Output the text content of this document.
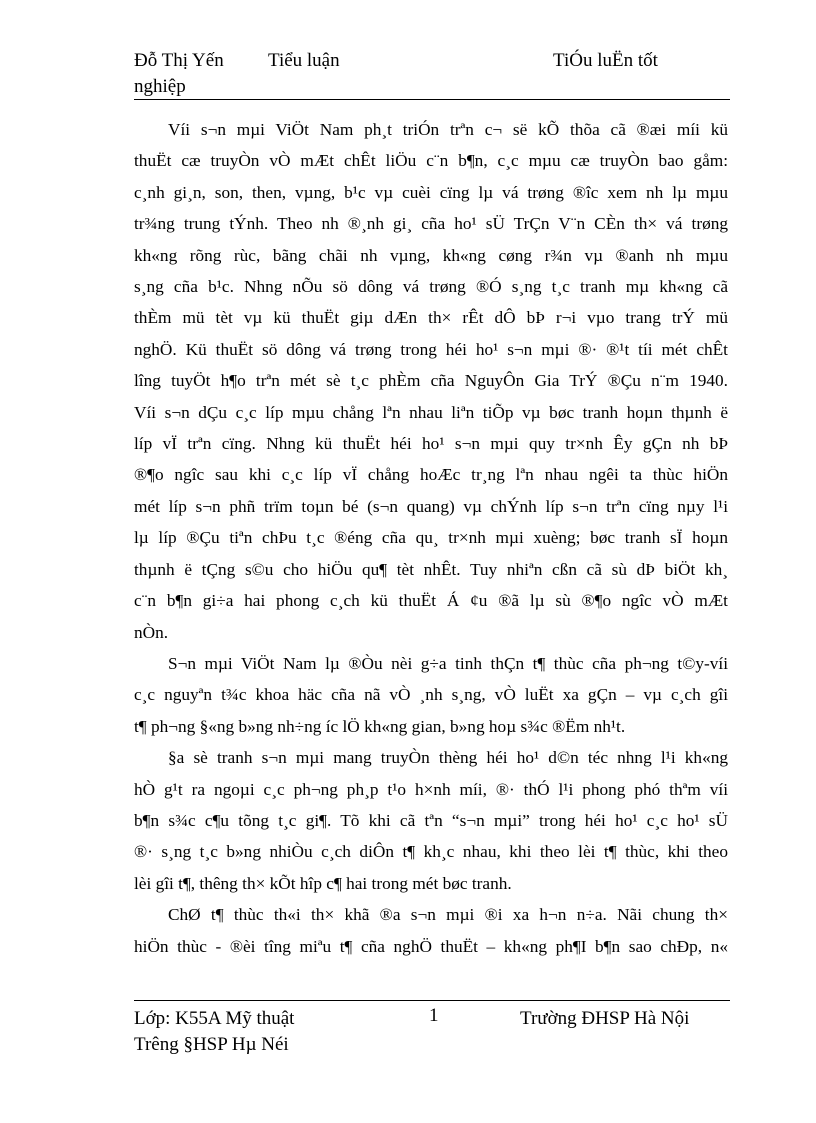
Đỗ Thị Yến Tiểu luận	TiÓu luËn tốt
nghiệp

Víi s¬n mµi ViÖt Nam ph¸t triÓn trªn c¬ së kÕ thõa cã ®æi míi kü
thuËt cæ truyÒn vÒ mÆt chÊt liÖu c¨n b¶n, c¸c mµu cæ truyÒn bao gåm:
c¸nh gi¸n, son, then, vµng, b¹c vµ cuèi cïng lµ vá trøng ®îc xem nh lµ mµu
tr¾ng trung tÝnh. Theo nh ®¸nh gi¸ cña ho¹ sÜ TrÇn V¨n CÈn th× vá trøng
kh«ng rõng rùc, bãng chãi nh vµng, kh«ng cøng r¾n vµ ®anh nh mµu
s¸ng cña b¹c. Nhng nÕu sö dông vá trøng ®Ó s¸ng t¸c tranh mµ kh«ng cã
thÈm mü tèt vµ kü thuËt giµ dÆn th× rÊt dÔ bÞ r¬i vµo trang trÝ mü
nghÖ. Kü thuËt sö dông vá trøng trong héi ho¹ s¬n mµi ®· ®¹t tíi mét chÊt
lîng tuyÖt h¶o trªn mét sè t¸c phÈm cña NguyÔn Gia TrÝ ®Çu n¨m 1940.
Víi s¬n dÇu c¸c líp mµu chång lªn nhau liªn tiÕp vµ bøc tranh hoµn thµnh ë
líp vÏ trªn cïng. Nhng kü thuËt héi ho¹ s¬n mµi quy tr×nh Êy gÇn nh bÞ
®¶o ngîc sau khi c¸c líp vÏ chång hoÆc tr¸ng lªn nhau ngêi ta thùc hiÖn
mét líp s¬n phñ trïm toµn bé (s¬n quang) vµ chÝnh líp s¬n trªn cïng nµy l¹i
lµ líp ®Çu tiªn chÞu t¸c ®éng cña qu¸ tr×nh mµi xuèng; bøc tranh sÏ hoµn
thµnh ë tÇng s©u cho hiÖu qu¶ tèt nhÊt. Tuy nhiªn cßn cã sù dÞ biÖt kh¸
c¨n b¶n gi÷a hai phong c¸ch kü thuËt Á ¢u ®ã lµ sù ®¶o ngîc vÒ mÆt
nÒn.

S¬n mµi ViÖt Nam lµ ®Òu nèi g÷a tinh thÇn t¶ thùc cña ph¬ng t©y-víi
c¸c nguyªn t¾c khoa häc cña nã vÒ ¸nh s¸ng, vÒ luËt xa gÇn – vµ c¸ch gîi
t¶ ph¬ng §«ng b»ng nh÷ng íc lÖ kh«ng gian, b»ng hoµ s¾c ®Ëm nh¹t.

§a sè tranh s¬n mµi mang truyÒn thèng héi ho¹ d©n téc nhng l¹i kh«ng
hÒ g¹t ra ngoµi c¸c ph¬ng ph¸p t¹o h×nh míi, ®· thÓ l¹i phong phó thªm víi
b¶n s¾c c¶u tõng t¸c gi¶. Tõ khi cã tªn “s¬n mµi” trong héi ho¹ c¸c ho¹ sÜ
®· s¸ng t¸c b»ng nhiÒu c¸ch diÔn t¶ kh¸c nhau, khi theo lèi t¶ thùc, khi theo
lèi gîi t¶, thêng th× kÕt hîp c¶ hai trong mét bøc tranh.

ChØ t¶ thùc th«i th× khã ®a s¬n mµi ®i xa h¬n n÷a. Nãi chung th×
hiÖn thùc - ®èi tîng miªu t¶ cña nghÖ thuËt – kh«ng ph¶I b¶n sao chÐp, n«

Lớp: K55A Mỹ thuật	1	Trường ĐHSP Hà Nội
Trêng §HSP Hµ Néi
